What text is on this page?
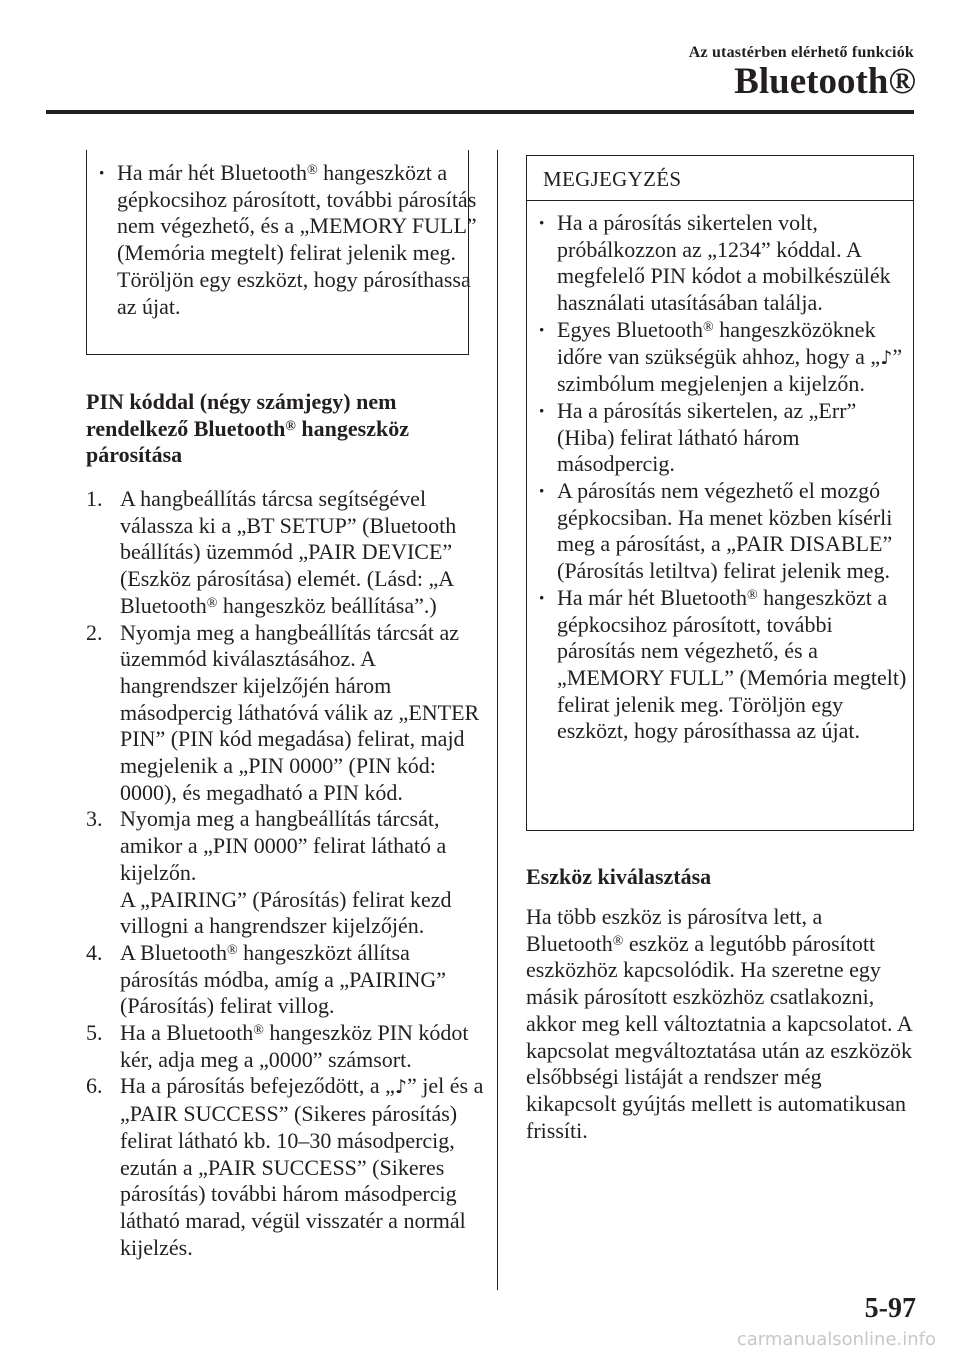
Az utastérben elérhető funkciók
Bluetooth®
· Ha már hét Bluetooth® hangeszközt a gépkocsihoz párosított, további párosítás nem végezhető, és a „MEMORY FULL” (Memória megtelt) felirat jelenik meg. Töröljön egy eszközt, hogy párosíthassa az újat.
PIN kóddal (négy számjegy) nem rendelkező Bluetooth® hangeszköz párosítása
1. A hangbeállítás tárcsa segítségével válassza ki a „BT SETUP” (Bluetooth beállítás) üzemmód „PAIR DEVICE” (Eszköz párosítása) elemét. (Lásd: „A Bluetooth® hangeszköz beállítása”.)
2. Nyomja meg a hangbeállítás tárcsát az üzemmód kiválasztásához. A hangrendszer kijelzőjén három másodpercig láthatóvá válik az „ENTER PIN” (PIN kód megadása) felirat, majd megjelenik a „PIN 0000” (PIN kód: 0000), és megadható a PIN kód.
3. Nyomja meg a hangbeállítás tárcsát, amikor a „PIN 0000” felirat látható a kijelzőn.
A „PAIRING” (Párosítás) felirat kezd villogni a hangrendszer kijelzőjén.
4. A Bluetooth® hangeszközt állítsa párosítás módba, amíg a „PAIRING” (Párosítás) felirat villog.
5. Ha a Bluetooth® hangeszköz PIN kódot kér, adja meg a „0000” számsort.
6. Ha a párosítás befejeződött, a „♪” jel és a „PAIR SUCCESS” (Sikeres párosítás) felirat látható kb. 10–30 másodpercig, ezután a „PAIR SUCCESS” (Sikeres párosítás) további három másodpercig látható marad, végül visszatér a normál kijelzés.
MEGJEGYZÉS
· Ha a párosítás sikertelen volt, próbálkozzon az „1234” kóddal. A megfelelő PIN kódot a mobilkészülék használati utasításában találja.
· Egyes Bluetooth® hangeszközöknek időre van szükségük ahhoz, hogy a „♪” szimbólum megjelenjen a kijelzőn.
· Ha a párosítás sikertelen, az „Err” (Hiba) felirat látható három másodpercig.
· A párosítás nem végezhető el mozgó gépkocsiban. Ha menet közben kísérli meg a párosítást, a „PAIR DISABLE” (Párosítás letiltva) felirat jelenik meg.
· Ha már hét Bluetooth® hangeszközt a gépkocsihoz párosított, további párosítás nem végezhető, és a „MEMORY FULL” (Memória megtelt) felirat jelenik meg. Töröljön egy eszközt, hogy párosíthassa az újat.
Eszköz kiválasztása
Ha több eszköz is párosítva lett, a Bluetooth® eszköz a legutóbb párosított eszközhöz kapcsolódik. Ha szeretne egy másik párosított eszközhöz csatlakozni, akkor meg kell változtatnia a kapcsolatot. A kapcsolat megváltoztatása után az eszközök elsőbbségi listáját a rendszer még kikapcsolt gyújtás mellett is automatikusan frissíti.
5-97
carmanualsonline.info
